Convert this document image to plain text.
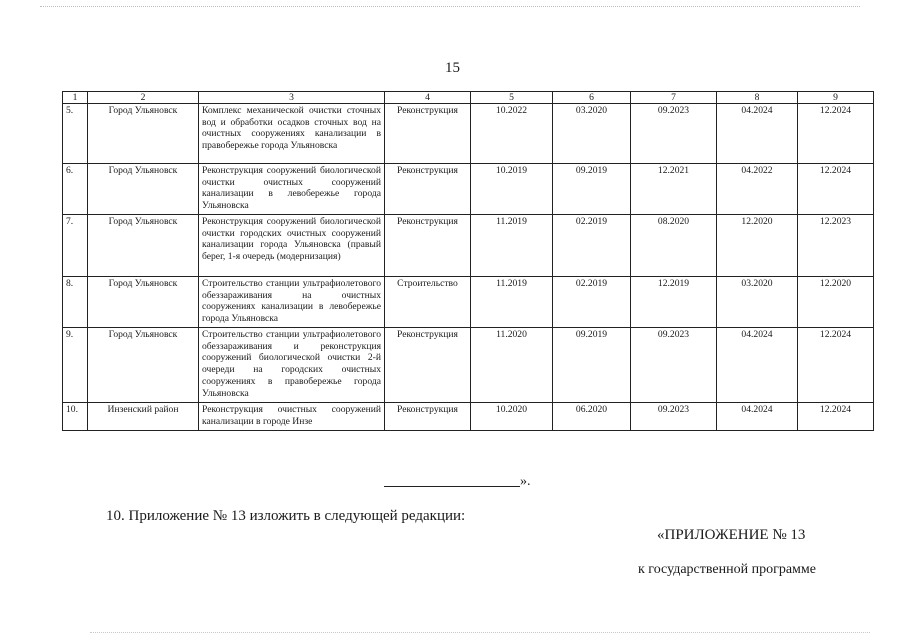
15
1	2	3	4	5	6	7	8	9
5.	Город Ульяновск	Комплекс механической очистки сточных вод и обработки осадков сточных вод на очистных сооружениях канализации в правобережье города Ульяновска	Реконструкция	10.2022	03.2020	09.2023	04.2024	12.2024
6.	Город Ульяновск	Реконструкция сооружений биологической очистки очистных сооружений канализации в левобережье города Ульяновска	Реконструкция	10.2019	09.2019	12.2021	04.2022	12.2024
7.	Город Ульяновск	Реконструкция сооружений биологической очистки городских очистных сооружений канализации города Ульяновска (правый берег, 1-я очередь (модернизация)	Реконструкция	11.2019	02.2019	08.2020	12.2020	12.2023
8.	Город Ульяновск	Строительство станции ультрафиолетового обеззараживания на очистных сооружениях канализации в левобережье города Ульяновска	Строительство	11.2019	02.2019	12.2019	03.2020	12.2020
9.	Город Ульяновск	Строительство станции ультрафиолетового обеззараживания и реконструкция сооружений биологической очистки 2-й очереди на городских очистных сооружениях в правобережье города Ульяновска	Реконструкция	11.2020	09.2019	09.2023	04.2024	12.2024
10.	Инзенский район	Реконструкция очистных сооружений канализации в городе Инзе	Реконструкция	10.2020	06.2020	09.2023	04.2024	12.2024
».
10. Приложение № 13 изложить в следующей редакции:
«ПРИЛОЖЕНИЕ № 13
к государственной программе
